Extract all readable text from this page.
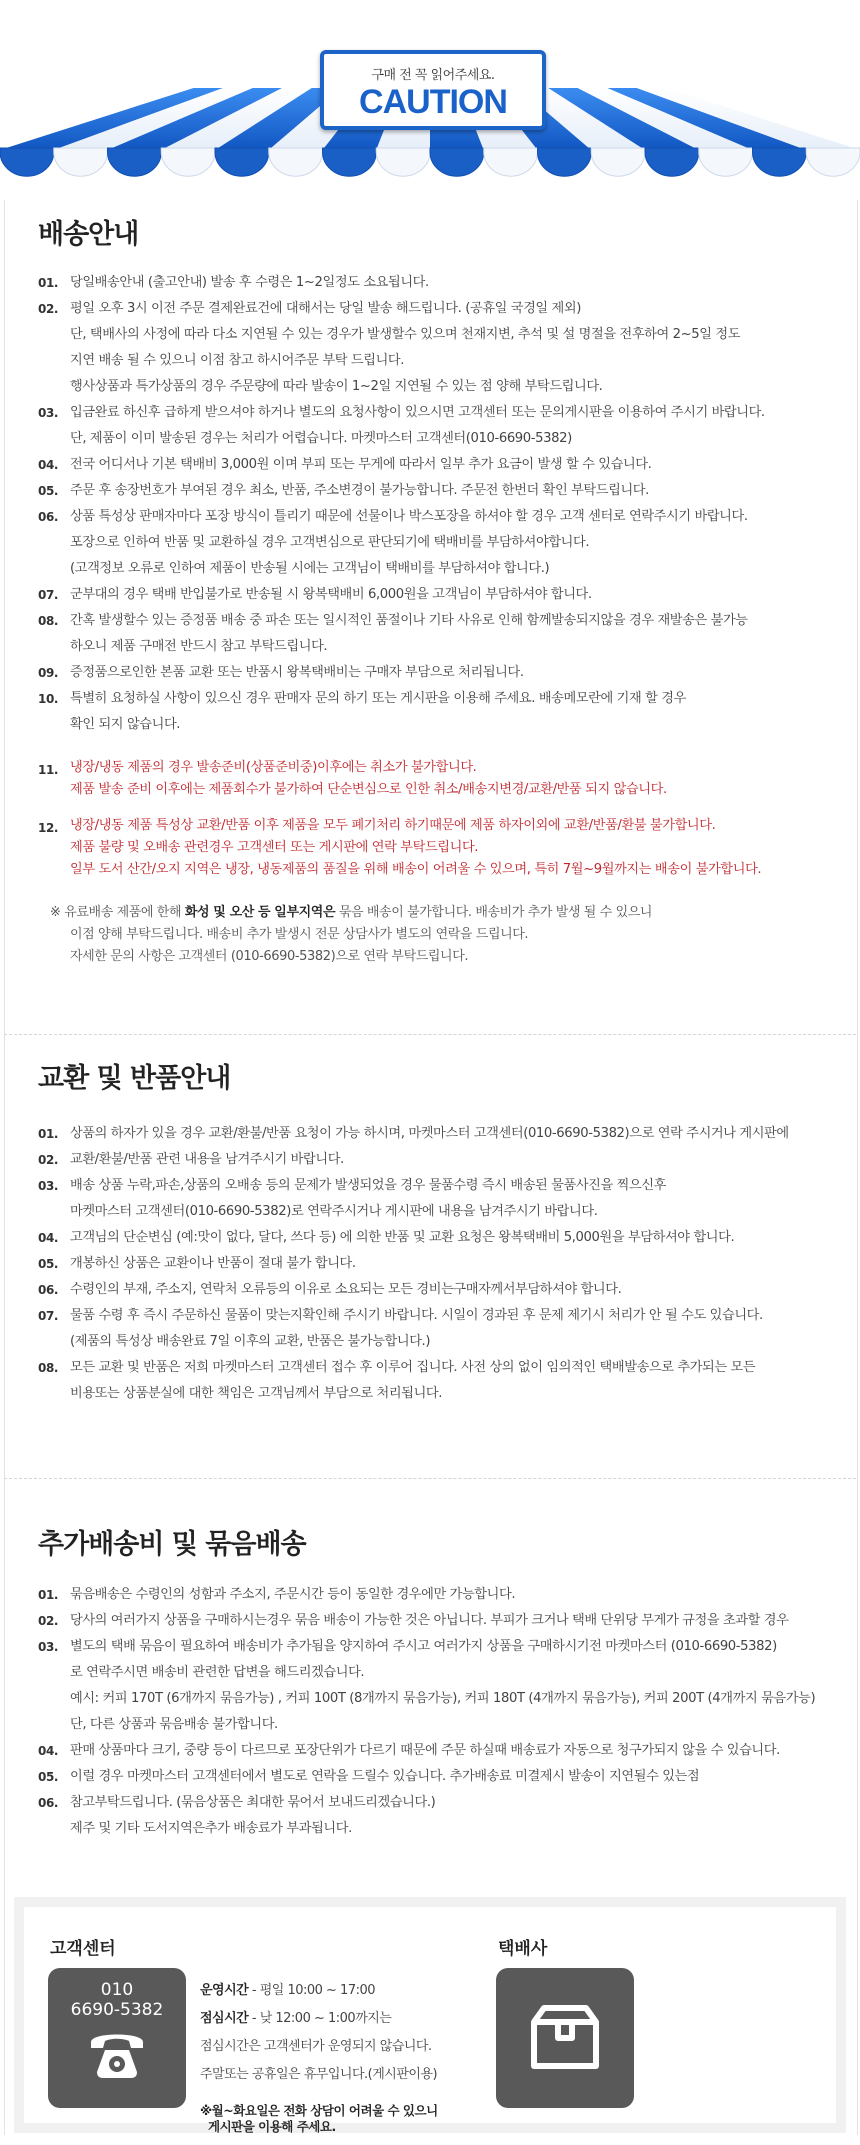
구매 전 꼭 읽어주세요.
CAUTION
배송안내
01. 당일배송안내 (출고안내) 발송 후 수령은 1~2일정도 소요됩니다.
02. 평일 오후 3시 이전 주문 결제완료건에 대해서는 당일 발송 해드립니다. (공휴일 국경일 제외)
단, 택배사의 사정에 따라 다소 지연될 수 있는 경우가 발생할수 있으며 천재지변, 추석 및 설 명절을 전후하여 2~5일 정도
지연 배송 될 수 있으니 이점 참고 하시어주문 부탁 드립니다.
행사상품과 특가상품의 경우 주문량에 따라 발송이 1~2일 지연될 수 있는 점 양해 부탁드립니다.
03. 입금완료 하신후 급하게 받으셔야 하거나 별도의 요청사항이 있으시면 고객센터 또는 문의게시판을 이용하여 주시기 바랍니다.
단, 제품이 이미 발송된 경우는 처리가 어렵습니다. 마켓마스터 고객센터(010-6690-5382)
04. 전국 어디서나 기본 택배비 3,000원 이며 부피 또는 무게에 따라서 일부 추가 요금이 발생 할 수 있습니다.
05. 주문 후 송장번호가 부여된 경우 최소, 반품, 주소변경이 불가능합니다. 주문전 한번더 확인 부탁드립니다.
06. 상품 특성상 판매자마다 포장 방식이 틀리기 때문에 선물이나 박스포장을 하셔야 할 경우 고객 센터로 연락주시기 바랍니다.
포장으로 인하여 반품 및 교환하실 경우 고객변심으로 판단되기에 택배비를 부담하셔야합니다.
(고객정보 오류로 인하여 제품이 반송될 시에는 고객님이 택배비를 부담하셔야 합니다.)
07. 군부대의 경우 택배 반입불가로 반송될 시 왕복택배비 6,000원을 고객님이 부담하셔야 합니다.
08. 간혹 발생할수 있는 증정품 배송 중 파손 또는 일시적인 품절이나 기타 사유로 인해 함께발송되지않을 경우 재발송은 불가능
하오니 제품 구매전 반드시 참고 부탁드립니다.
09. 증정품으로인한 본품 교환 또는 반품시 왕복택배비는 구매자 부담으로 처리됩니다.
10. 특별히 요청하실 사항이 있으신 경우 판매자 문의 하기 또는 게시판을 이용해 주세요. 배송메모란에 기재 할 경우
확인 되지 않습니다.
11. 냉장/냉동 제품의 경우 발송준비(상품준비중)이후에는 취소가 불가합니다.
제품 발송 준비 이후에는 제품회수가 불가하여 단순변심으로 인한 취소/배송지변경/교환/반품 되지 않습니다.
12. 냉장/냉동 제품 특성상 교환/반품 이후 제품을 모두 폐기처리 하기때문에 제품 하자이외에 교환/반품/환불 불가합니다.
제품 불량 및 오배송 관련경우 고객센터 또는 게시판에 연락 부탁드립니다.
일부 도서 산간/오지 지역은 냉장, 냉동제품의 품질을 위해 배송이 어려울 수 있으며, 특히 7월~9월까지는 배송이 불가합니다.
※ 유료배송 제품에 한해 화성 및 오산 등 일부지역은 묶음 배송이 불가합니다. 배송비가 추가 발생 될 수 있으니
이점 양해 부탁드립니다. 배송비 추가 발생시 전문 상담사가 별도의 연락을 드립니다.
자세한 문의 사항은 고객센터 (010-6690-5382)으로 연락 부탁드립니다.
교환 및 반품안내
01. 상품의 하자가 있을 경우 교환/환불/반품 요청이 가능 하시며, 마켓마스터 고객센터(010-6690-5382)으로 연락 주시거나 게시판에
02. 교환/환불/반품 관련 내용을 남겨주시기 바랍니다.
03. 배송 상품 누락,파손,상품의 오배송 등의 문제가 발생되었을 경우 물품수령 즉시 배송된 물품사진을 찍으신후
마켓마스터 고객센터(010-6690-5382)로 연락주시거나 게시판에 내용을 남겨주시기 바랍니다.
04. 고객님의 단순변심 (예:맛이 없다, 달다, 쓰다 등) 에 의한 반품 및 교환 요청은 왕복택배비 5,000원을 부담하셔야 합니다.
05. 개봉하신 상품은 교환이나 반품이 절대 불가 합니다.
06. 수령인의 부재, 주소지, 연락처 오류등의 이유로 소요되는 모든 경비는구매자께서부담하셔야 합니다.
07. 물품 수령 후 즉시 주문하신 물품이 맞는지확인해 주시기 바랍니다. 시일이 경과된 후 문제 제기시 처리가 안 될 수도 있습니다.
(제품의 특성상 배송완료 7일 이후의 교환, 반품은 불가능합니다.)
08. 모든 교환 및 반품은 저희 마켓마스터 고객센터 접수 후 이루어 집니다. 사전 상의 없이 임의적인 택배발송으로 추가되는 모든
비용또는 상품분실에 대한 책임은 고객님께서 부담으로 처리됩니다.
추가배송비 및 묶음배송
01. 묶음배송은 수령인의 성함과 주소지, 주문시간 등이 동일한 경우에만 가능합니다.
02. 당사의 여러가지 상품을 구매하시는경우 묶음 배송이 가능한 것은 아닙니다. 부피가 크거나 택배 단위당 무게가 규정을 초과할 경우
03. 별도의 택배 묶음이 필요하여 배송비가 추가됨을 양지하여 주시고 여러가지 상품을 구매하시기전 마켓마스터 (010-6690-5382)
로 연락주시면 배송비 관련한 답변을 해드리겠습니다.
예시: 커피 170T (6개까지 묶음가능) , 커피 100T (8개까지 묶음가능), 커피 180T (4개까지 묶음가능), 커피 200T (4개까지 묶음가능)
단, 다른 상품과 묶음배송 불가합니다.
04. 판매 상품마다 크기, 중량 등이 다르므로 포장단위가 다르기 때문에 주문 하실때 배송료가 자동으로 청구가되지 않을 수 있습니다.
05. 이럴 경우 마켓마스터 고객센터에서 별도로 연락을 드릴수 있습니다. 추가배송료 미결제시 발송이 지연될수 있는점
06. 참고부탁드립니다. (묶음상품은 최대한 묶어서 보내드리겠습니다.)
제주 및 기타 도서지역은추가 배송료가 부과됩니다.
고객센터
010
6690-5382
운영시간 - 평일 10:00 ~ 17:00
점심시간 - 낮 12:00 ~ 1:00까지는
점심시간은 고객센터가 운영되지 않습니다.
주말또는 공휴일은 휴무입니다.(게시판이용)
※월~화요일은 전화 상담이 어려울 수 있으니
게시판을 이용해 주세요.
택배사
